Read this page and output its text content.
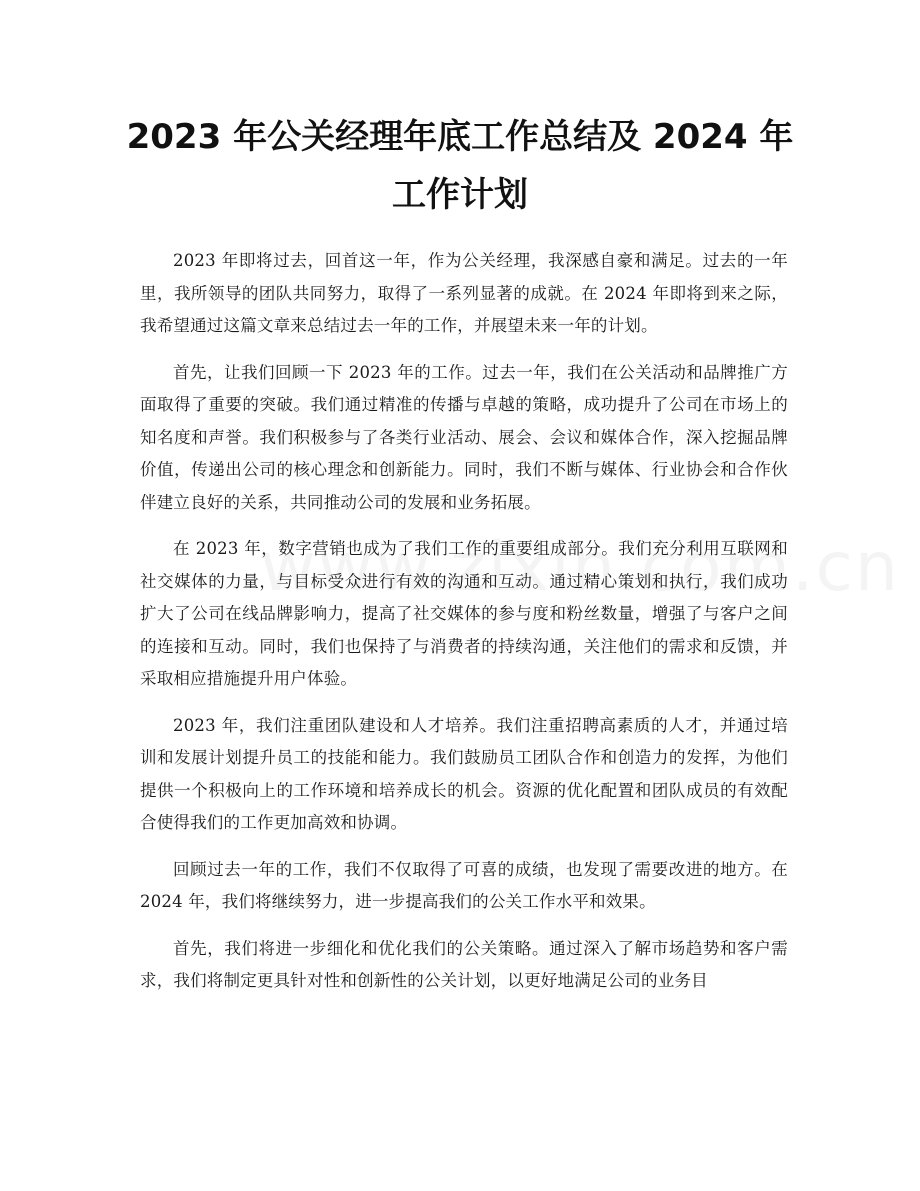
2023 年公关经理年底工作总结及 2024 年工作计划

2023 年即将过去，回首这一年，作为公关经理，我深感自豪和满足。过去的一年里，我所领导的团队共同努力，取得了一系列显著的成就。在 2024 年即将到来之际，我希望通过这篇文章来总结过去一年的工作，并展望未来一年的计划。

首先，让我们回顾一下 2023 年的工作。过去一年，我们在公关活动和品牌推广方面取得了重要的突破。我们通过精准的传播与卓越的策略，成功提升了公司在市场上的知名度和声誉。我们积极参与了各类行业活动、展会、会议和媒体合作，深入挖掘品牌价值，传递出公司的核心理念和创新能力。同时，我们不断与媒体、行业协会和合作伙伴建立良好的关系，共同推动公司的发展和业务拓展。

在 2023 年，数字营销也成为了我们工作的重要组成部分。我们充分利用互联网和社交媒体的力量，与目标受众进行有效的沟通和互动。通过精心策划和执行，我们成功扩大了公司在线品牌影响力，提高了社交媒体的参与度和粉丝数量，增强了与客户之间的连接和互动。同时，我们也保持了与消费者的持续沟通，关注他们的需求和反馈，并采取相应措施提升用户体验。

2023 年，我们注重团队建设和人才培养。我们注重招聘高素质的人才，并通过培训和发展计划提升员工的技能和能力。我们鼓励员工团队合作和创造力的发挥，为他们提供一个积极向上的工作环境和培养成长的机会。资源的优化配置和团队成员的有效配合使得我们的工作更加高效和协调。

回顾过去一年的工作，我们不仅取得了可喜的成绩，也发现了需要改进的地方。在 2024 年，我们将继续努力，进一步提高我们的公关工作水平和效果。

首先，我们将进一步细化和优化我们的公关策略。通过深入了解市场趋势和客户需求，我们将制定更具针对性和创新性的公关计划，以更好地满足公司的业务目
